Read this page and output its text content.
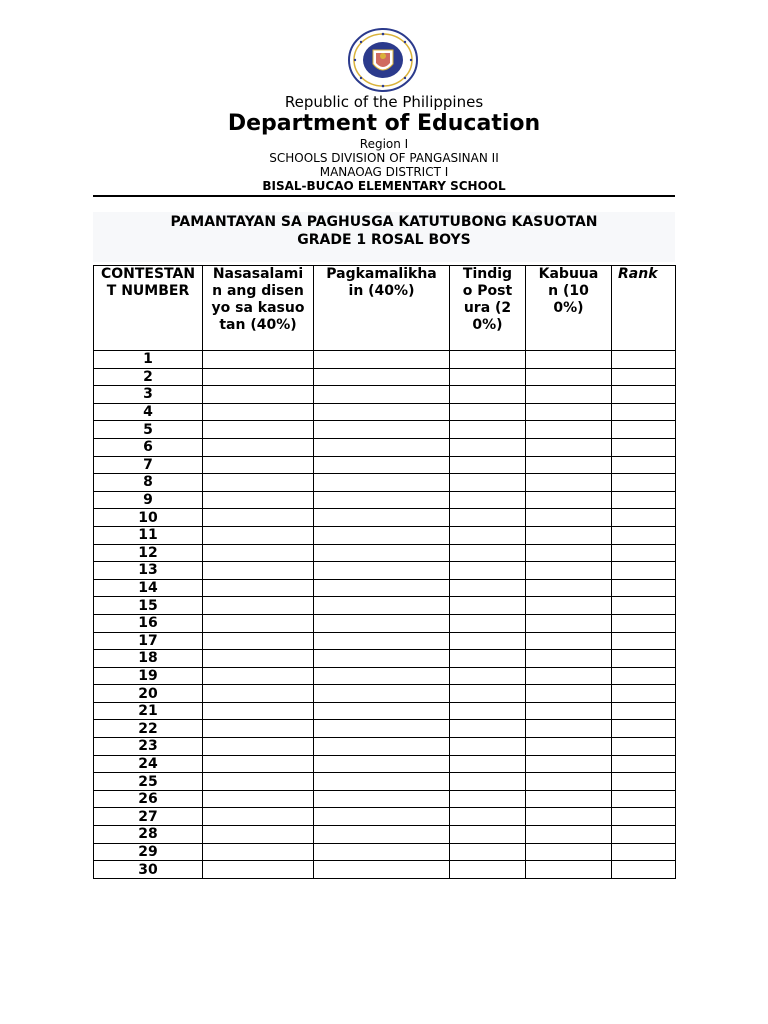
Republic of the Philippines
Department of Education
Region I
SCHOOLS DIVISION OF PANGASINAN II
MANAOAG DISTRICT I
BISAL-BUCAO ELEMENTARY SCHOOL
PAMANTAYAN SA PAGHUSGA KATUTUBONG KASUOTAN
GRADE 1 ROSAL BOYS
CONTESTANT NUMBER	Nasasalamin ang disenyo sa kasuotan (40%)	Pagkamalikhain (40%)	Tindigo Postura (20%)	Kabuuan (100%)	Rank
1					
2					
3					
4					
5					
6					
7					
8					
9					
10					
11					
12					
13					
14					
15					
16					
17					
18					
19					
20					
21					
22					
23					
24					
25					
26					
27					
28					
29					
30					
